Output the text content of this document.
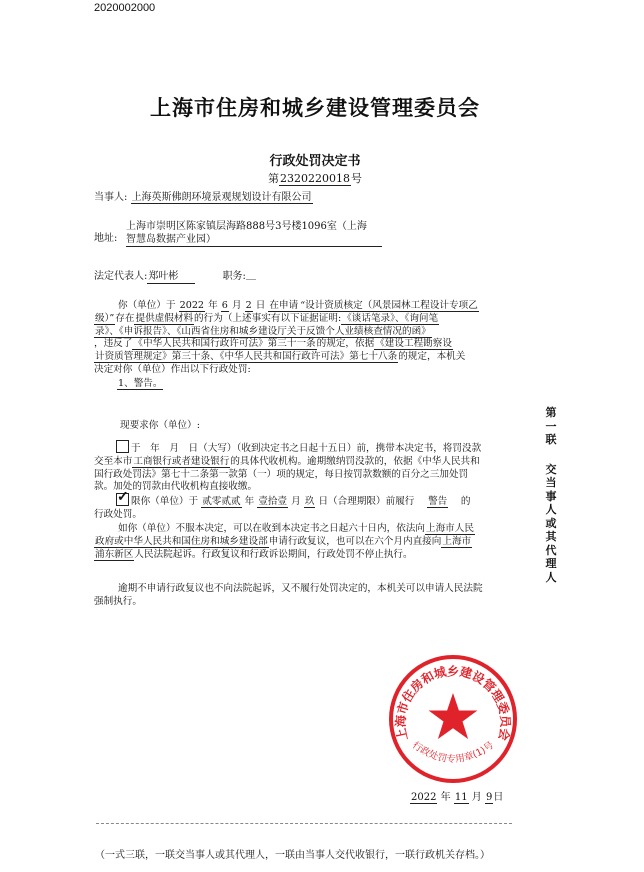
2020002000
上海市住房和城乡建设管理委员会
行政处罚决定书
第2320220018号
当事人: 上海英斯佛朗环境景观规划设计有限公司
地址:
上海市崇明区陈家镇层海路888号3号楼1096室（上海
智慧岛数据产业园）
法定代表人:郑叶彬	职务:＿
你（单位）于 2022 年 6 月 2 日 在申请 “设计资质核定（风景园林工程设计专项乙
级）”存在提供虚假材料的行为（上述事实有以下证据证明:《谈话笔录》、《询问笔
录》、《申诉报告》、《山西省住房和城乡建设厅关于反馈个人业绩核查情况的函》
，违反了《中华人民共和国行政许可法》第三十一条的规定，依据《建设工程勘察设
计资质管理规定》第三十条、《中华人民共和国行政许可法》第七十八条的规定，本机关
决定对你（单位）作出以下行政处罚:
1、警告。
现要求你（单位）:
于　年　月　日（大写）（收到决定书之日起十五日）前，携带本决定书，将罚没款
交至本市工商银行或者建设银行的具体代收机构。逾期缴纳罚没款的，依据《中华人民共和
国行政处罚法》第七十二条第一款第（一）项的规定，每日按罚款数额的百分之三加处罚
款。加处的罚款由代收机构直接收缴。
✓ 限你（单位）于 贰零贰贰 年 壹拾壹 月 玖 日（合理期限）前履行　 警告　 的
行政处罚。
如你（单位）不服本决定，可以在收到本决定书之日起六十日内，依法向上海市人民
政府或中华人民共和国住房和城乡建设部申请行政复议，也可以在六个月内直接向上海市
浦东新区人民法院起诉。行政复议和行政诉讼期间，行政处罚不停止执行。
逾期不申请行政复议也不向法院起诉，又不履行处罚决定的，本机关可以申请人民法院
强制执行。
第一联
交当事人或其代理人
上海市住房和城乡建设管理委员会
行政处罚专用章(1)号
2022 年 11 月 9日
（一式三联，一联交当事人或其代理人，一联由当事人交代收银行，一联行政机关存档。）
